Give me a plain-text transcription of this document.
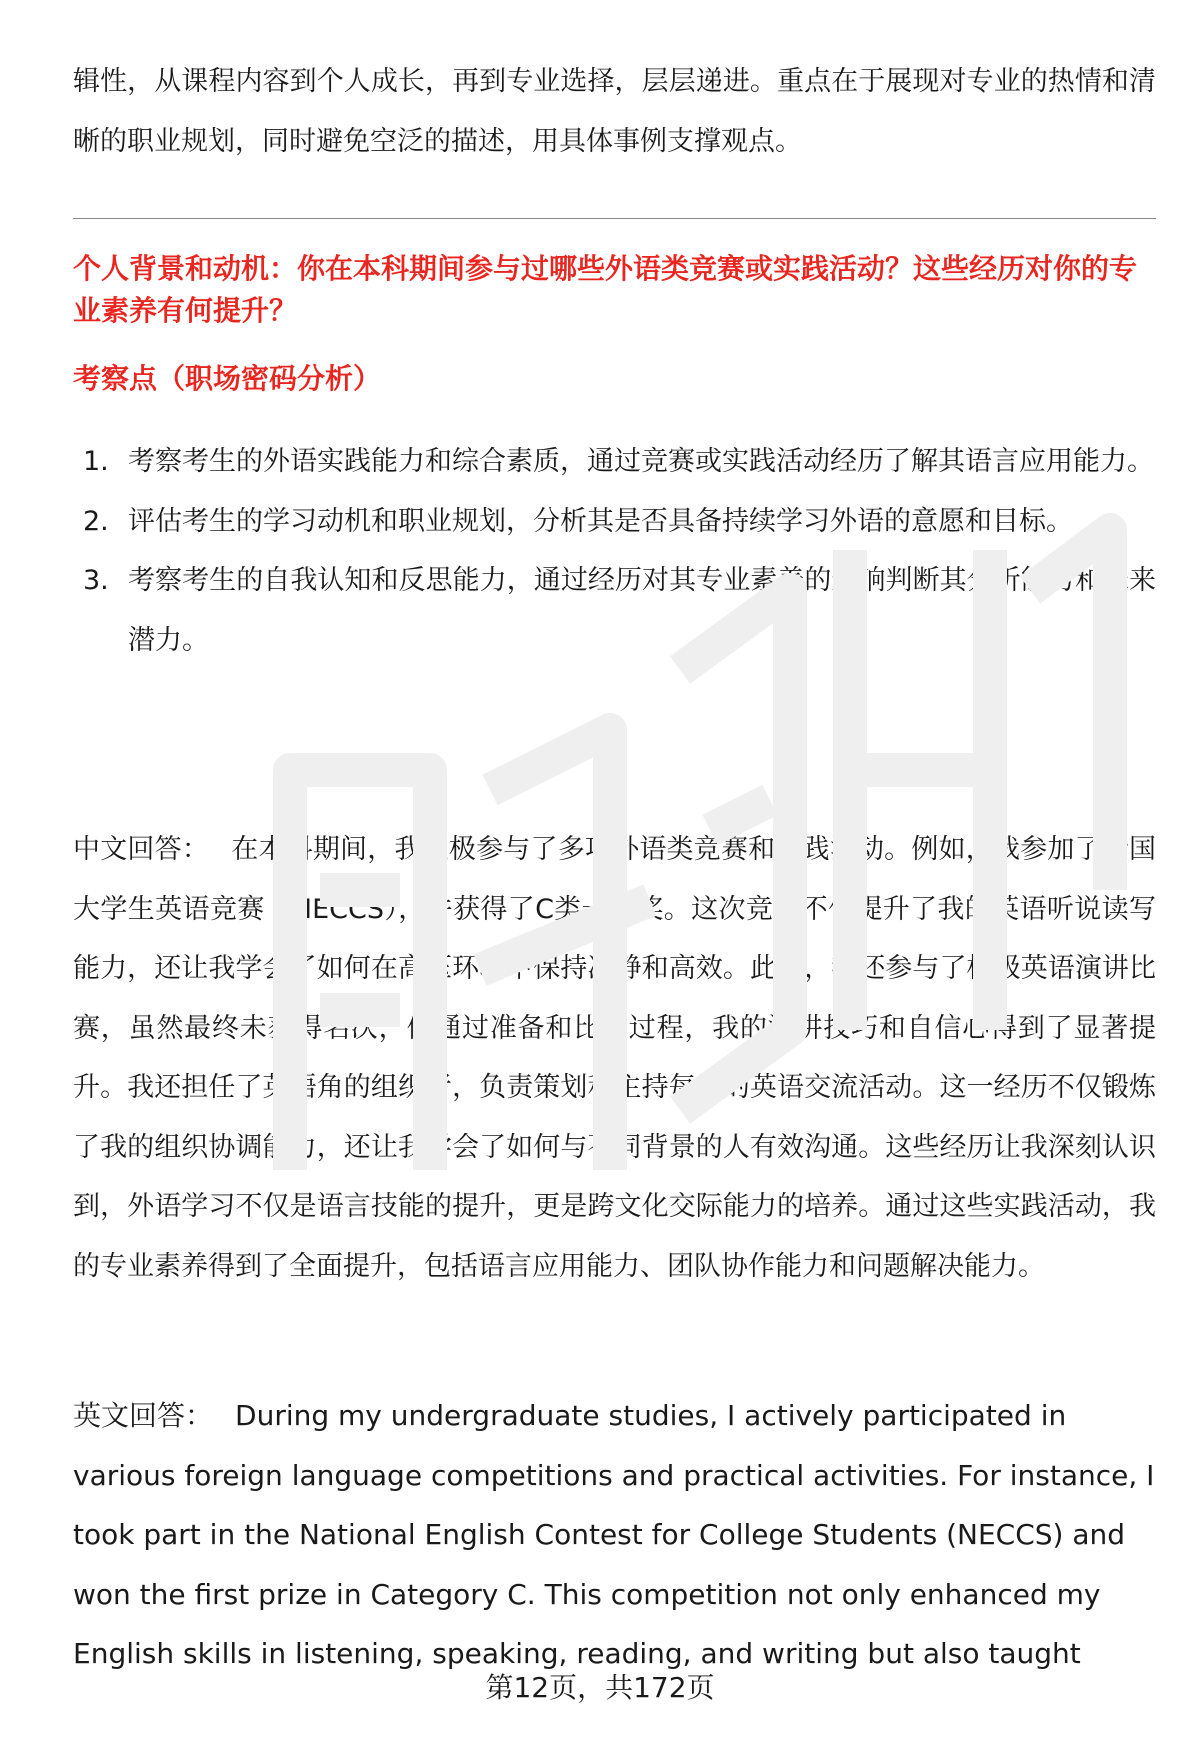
辑性，从课程内容到个人成长，再到专业选择，层层递进。重点在于展现对专业的热情和清晰的职业规划，同时避免空泛的描述，用具体事例支撑观点。

个人背景和动机：你在本科期间参与过哪些外语类竞赛或实践活动？这些经历对你的专业素养有何提升？

考察点（职场密码分析）

1. 考察考生的外语实践能力和综合素质，通过竞赛或实践活动经历了解其语言应用能力。
2. 评估考生的学习动机和职业规划，分析其是否具备持续学习外语的意愿和目标。
3. 考察考生的自我认知和反思能力，通过经历对其专业素养的影响判断其分析能力和未来潜力。

中文回答： 在本科期间，我积极参与了多项外语类竞赛和实践活动。例如，我参加了全国大学生英语竞赛（NECCS），并获得了C类一等奖。这次竞赛不仅提升了我的英语听说读写能力，还让我学会了如何在高压环境下保持冷静和高效。此外，我还参与了校级英语演讲比赛，虽然最终未获得名次，但通过准备和比赛过程，我的演讲技巧和自信心得到了显著提升。我还担任了英语角的组织者，负责策划和主持每周的英语交流活动。这一经历不仅锻炼了我的组织协调能力，还让我学会了如何与不同背景的人有效沟通。这些经历让我深刻认识到，外语学习不仅是语言技能的提升，更是跨文化交际能力的培养。通过这些实践活动，我的专业素养得到了全面提升，包括语言应用能力、团队协作能力和问题解决能力。

英文回答： During my undergraduate studies, I actively participated in various foreign language competitions and practical activities. For instance, I took part in the National English Contest for College Students (NECCS) and won the first prize in Category C. This competition not only enhanced my English skills in listening, speaking, reading, and writing but also taught

第12页，共172页
